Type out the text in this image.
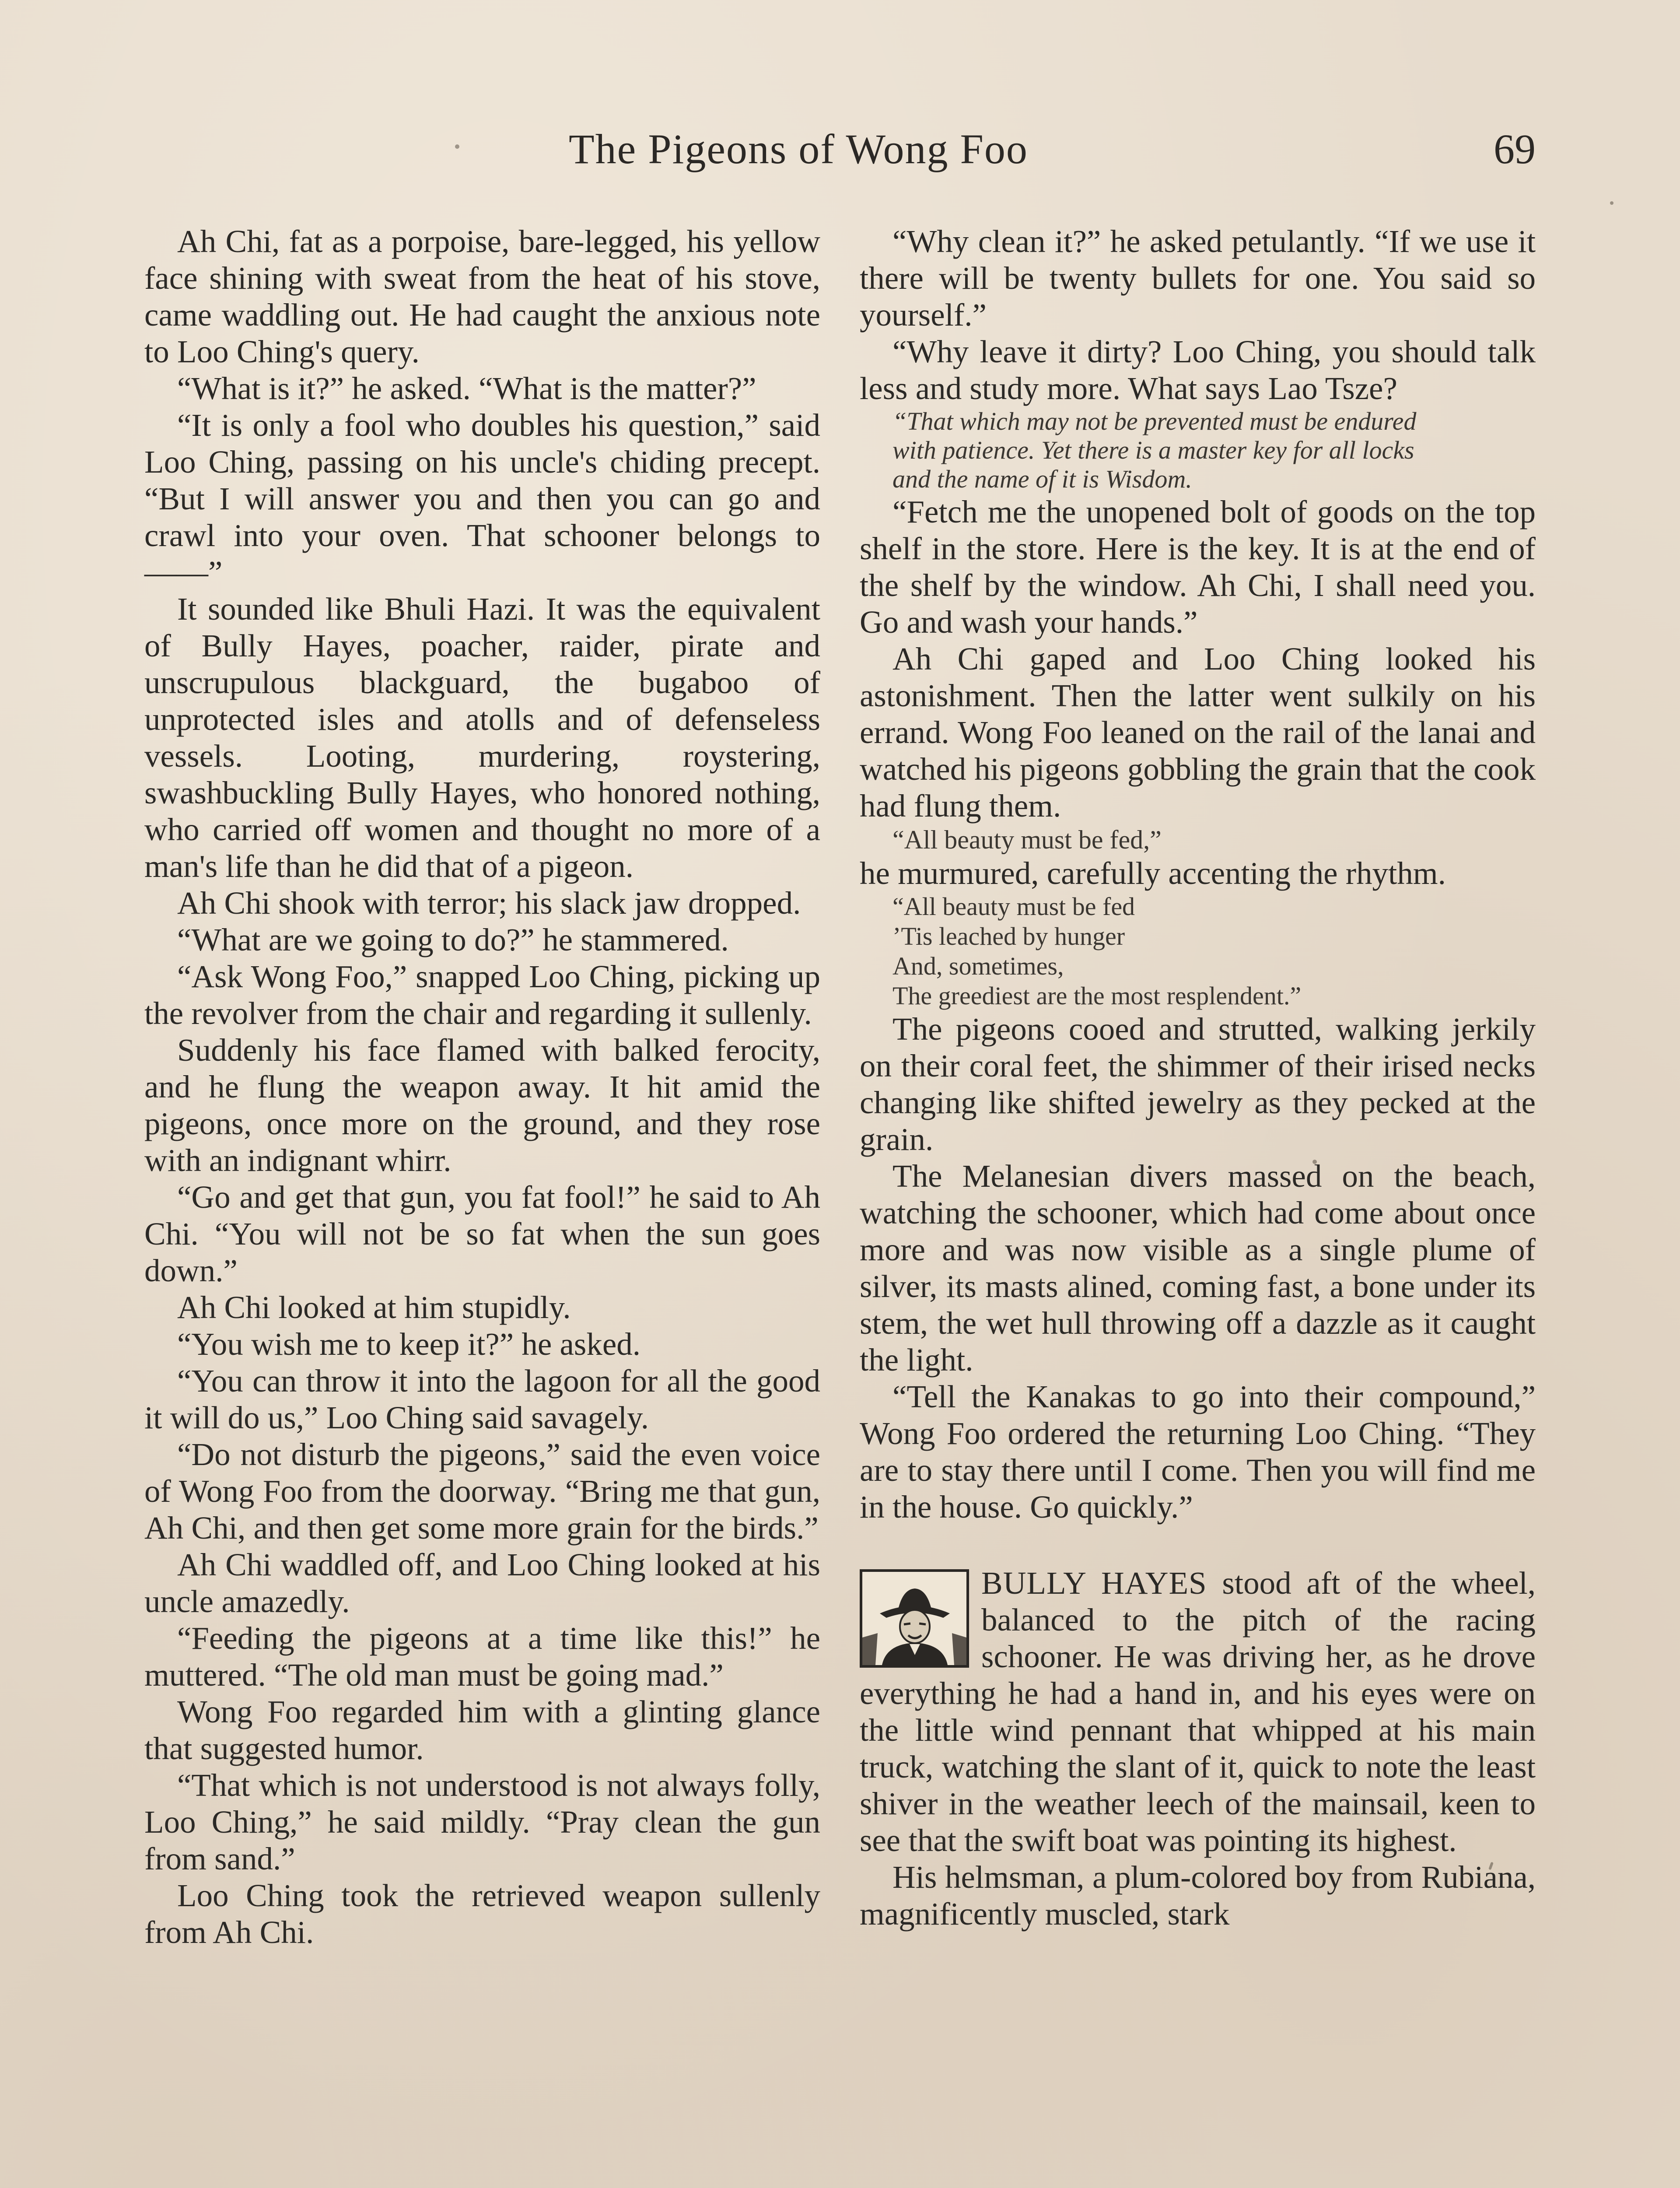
The Pigeons of Wong Foo	69

Ah Chi, fat as a porpoise, bare-legged, his yellow face shining with sweat from the heat of his stove, came waddling out. He had caught the anxious note to Loo Ching's query.

“What is it?” he asked. “What is the matter?”

“It is only a fool who doubles his question,” said Loo Ching, passing on his uncle's chiding precept. “But I will answer you and then you can go and crawl into your oven. That schooner belongs to ——”

It sounded like Bhuli Hazi. It was the equivalent of Bully Hayes, poacher, raider, pirate and unscrupulous blackguard, the bugaboo of unprotected isles and atolls and of defenseless vessels. Looting, murdering, roystering, swashbuckling Bully Hayes, who honored nothing, who carried off women and thought no more of a man's life than he did that of a pigeon.

Ah Chi shook with terror; his slack jaw dropped.

“What are we going to do?” he stammered.

“Ask Wong Foo,” snapped Loo Ching, picking up the revolver from the chair and regarding it sullenly.

Suddenly his face flamed with balked ferocity, and he flung the weapon away. It hit amid the pigeons, once more on the ground, and they rose with an indignant whirr.

“Go and get that gun, you fat fool!” he said to Ah Chi. “You will not be so fat when the sun goes down.”

Ah Chi looked at him stupidly.

“You wish me to keep it?” he asked.

“You can throw it into the lagoon for all the good it will do us,” Loo Ching said savagely.

“Do not disturb the pigeons,” said the even voice of Wong Foo from the doorway. “Bring me that gun, Ah Chi, and then get some more grain for the birds.”

Ah Chi waddled off, and Loo Ching looked at his uncle amazedly.

“Feeding the pigeons at a time like this!” he muttered. “The old man must be going mad.”

Wong Foo regarded him with a glinting glance that suggested humor.

“That which is not understood is not always folly, Loo Ching,” he said mildly. “Pray clean the gun from sand.”

Loo Ching took the retrieved weapon sullenly from Ah Chi.

“Why clean it?” he asked petulantly. “If we use it there will be twenty bullets for one. You said so yourself.”

“Why leave it dirty? Loo Ching, you should talk less and study more. What says Lao Tsze?

“That which may not be prevented must be endured
with patience. Yet there is a master key for all locks
and the name of it is Wisdom.

“Fetch me the unopened bolt of goods on the top shelf in the store. Here is the key. It is at the end of the shelf by the window. Ah Chi, I shall need you. Go and wash your hands.”

Ah Chi gaped and Loo Ching looked his astonishment. Then the latter went sulkily on his errand. Wong Foo leaned on the rail of the lanai and watched his pigeons gobbling the grain that the cook had flung them.

“All beauty must be fed,”

he murmured, carefully accenting the rhythm.

“All beauty must be fed
’Tis leached by hunger
And, sometimes,
The greediest are the most resplendent.”

The pigeons cooed and strutted, walking jerkily on their coral feet, the shimmer of their irised necks changing like shifted jewelry as they pecked at the grain.

The Melanesian divers massed on the beach, watching the schooner, which had come about once more and was now visible as a single plume of silver, its masts alined, coming fast, a bone under its stem, the wet hull throwing off a dazzle as it caught the light.

“Tell the Kanakas to go into their compound,” Wong Foo ordered the returning Loo Ching. “They are to stay there until I come. Then you will find me in the house. Go quickly.”

BULLY HAYES stood aft of the wheel, balanced to the pitch of the racing schooner. He was driving her, as he drove everything he had a hand in, and his eyes were on the little wind pennant that whipped at his main truck, watching the slant of it, quick to note the least shiver in the weather leech of the mainsail, keen to see that the swift boat was pointing its highest.

His helmsman, a plum-colored boy from Rubiana, magnificently muscled, stark
